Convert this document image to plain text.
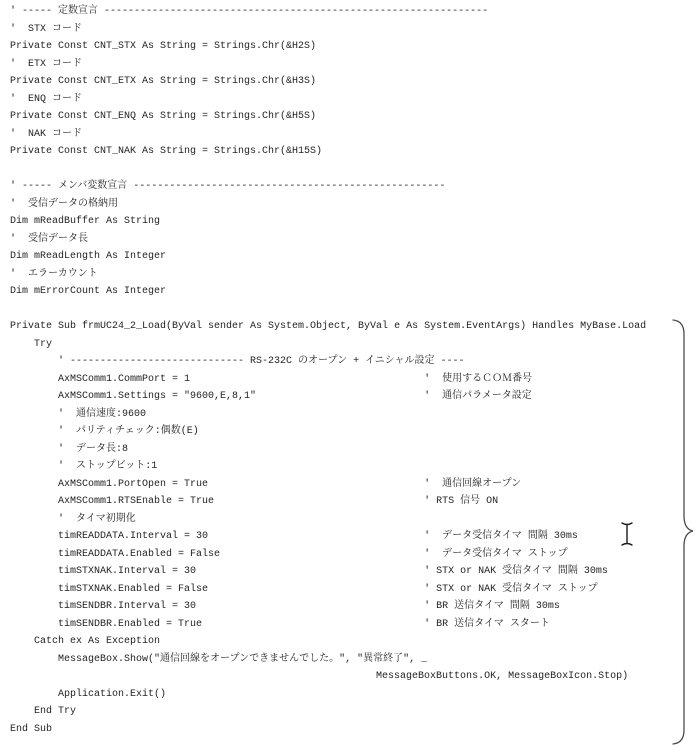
' ----- 定数宣言 ----------------------------------------------------------------
'  STX コード
Private Const CNT_STX As String = Strings.Chr(&H2S)
'  ETX コード
Private Const CNT_ETX As String = Strings.Chr(&H3S)
'  ENQ コード
Private Const CNT_ENQ As String = Strings.Chr(&H5S)
'  NAK コード
Private Const CNT_NAK As String = Strings.Chr(&H15S)
' ----- メンバ変数宣言 ----------------------------------------------------
'  受信データの格納用
Dim mReadBuffer As String
'  受信データ長
Dim mReadLength As Integer
'  エラーカウント
Dim mErrorCount As Integer
Private Sub frmUC24_2_Load(ByVal sender As System.Object, ByVal e As System.EventArgs) Handles MyBase.Load
Try
' ----------------------------- RS-232C のオープン + イニシャル設定 ----
AxMSComm1.CommPort = 1	'  使用するＣＯＭ番号
AxMSComm1.Settings = "9600,E,8,1"	'  通信パラメータ設定
'  通信速度:9600
'  パリティチェック:偶数(E)
'  データ長:8
'  ストップビット:1
AxMSComm1.PortOpen = True	'  通信回線オープン
AxMSComm1.RTSEnable = True	' RTS 信号 ON
'  タイマ初期化
timREADDATA.Interval = 30	'  データ受信タイマ 間隔 30ms
timREADDATA.Enabled = False	'  データ受信タイマ ストップ
timSTXNAK.Interval = 30	' STX or NAK 受信タイマ 間隔 30ms
timSTXNAK.Enabled = False	' STX or NAK 受信タイマ ストップ
timSENDBR.Interval = 30	' BR 送信タイマ 間隔 30ms
timSENDBR.Enabled = True	' BR 送信タイマ スタート
Catch ex As Exception
MessageBox.Show("通信回線をオープンできませんでした。", "異常終了", _
MessageBoxButtons.OK, MessageBoxIcon.Stop)
Application.Exit()
End Try
End Sub
